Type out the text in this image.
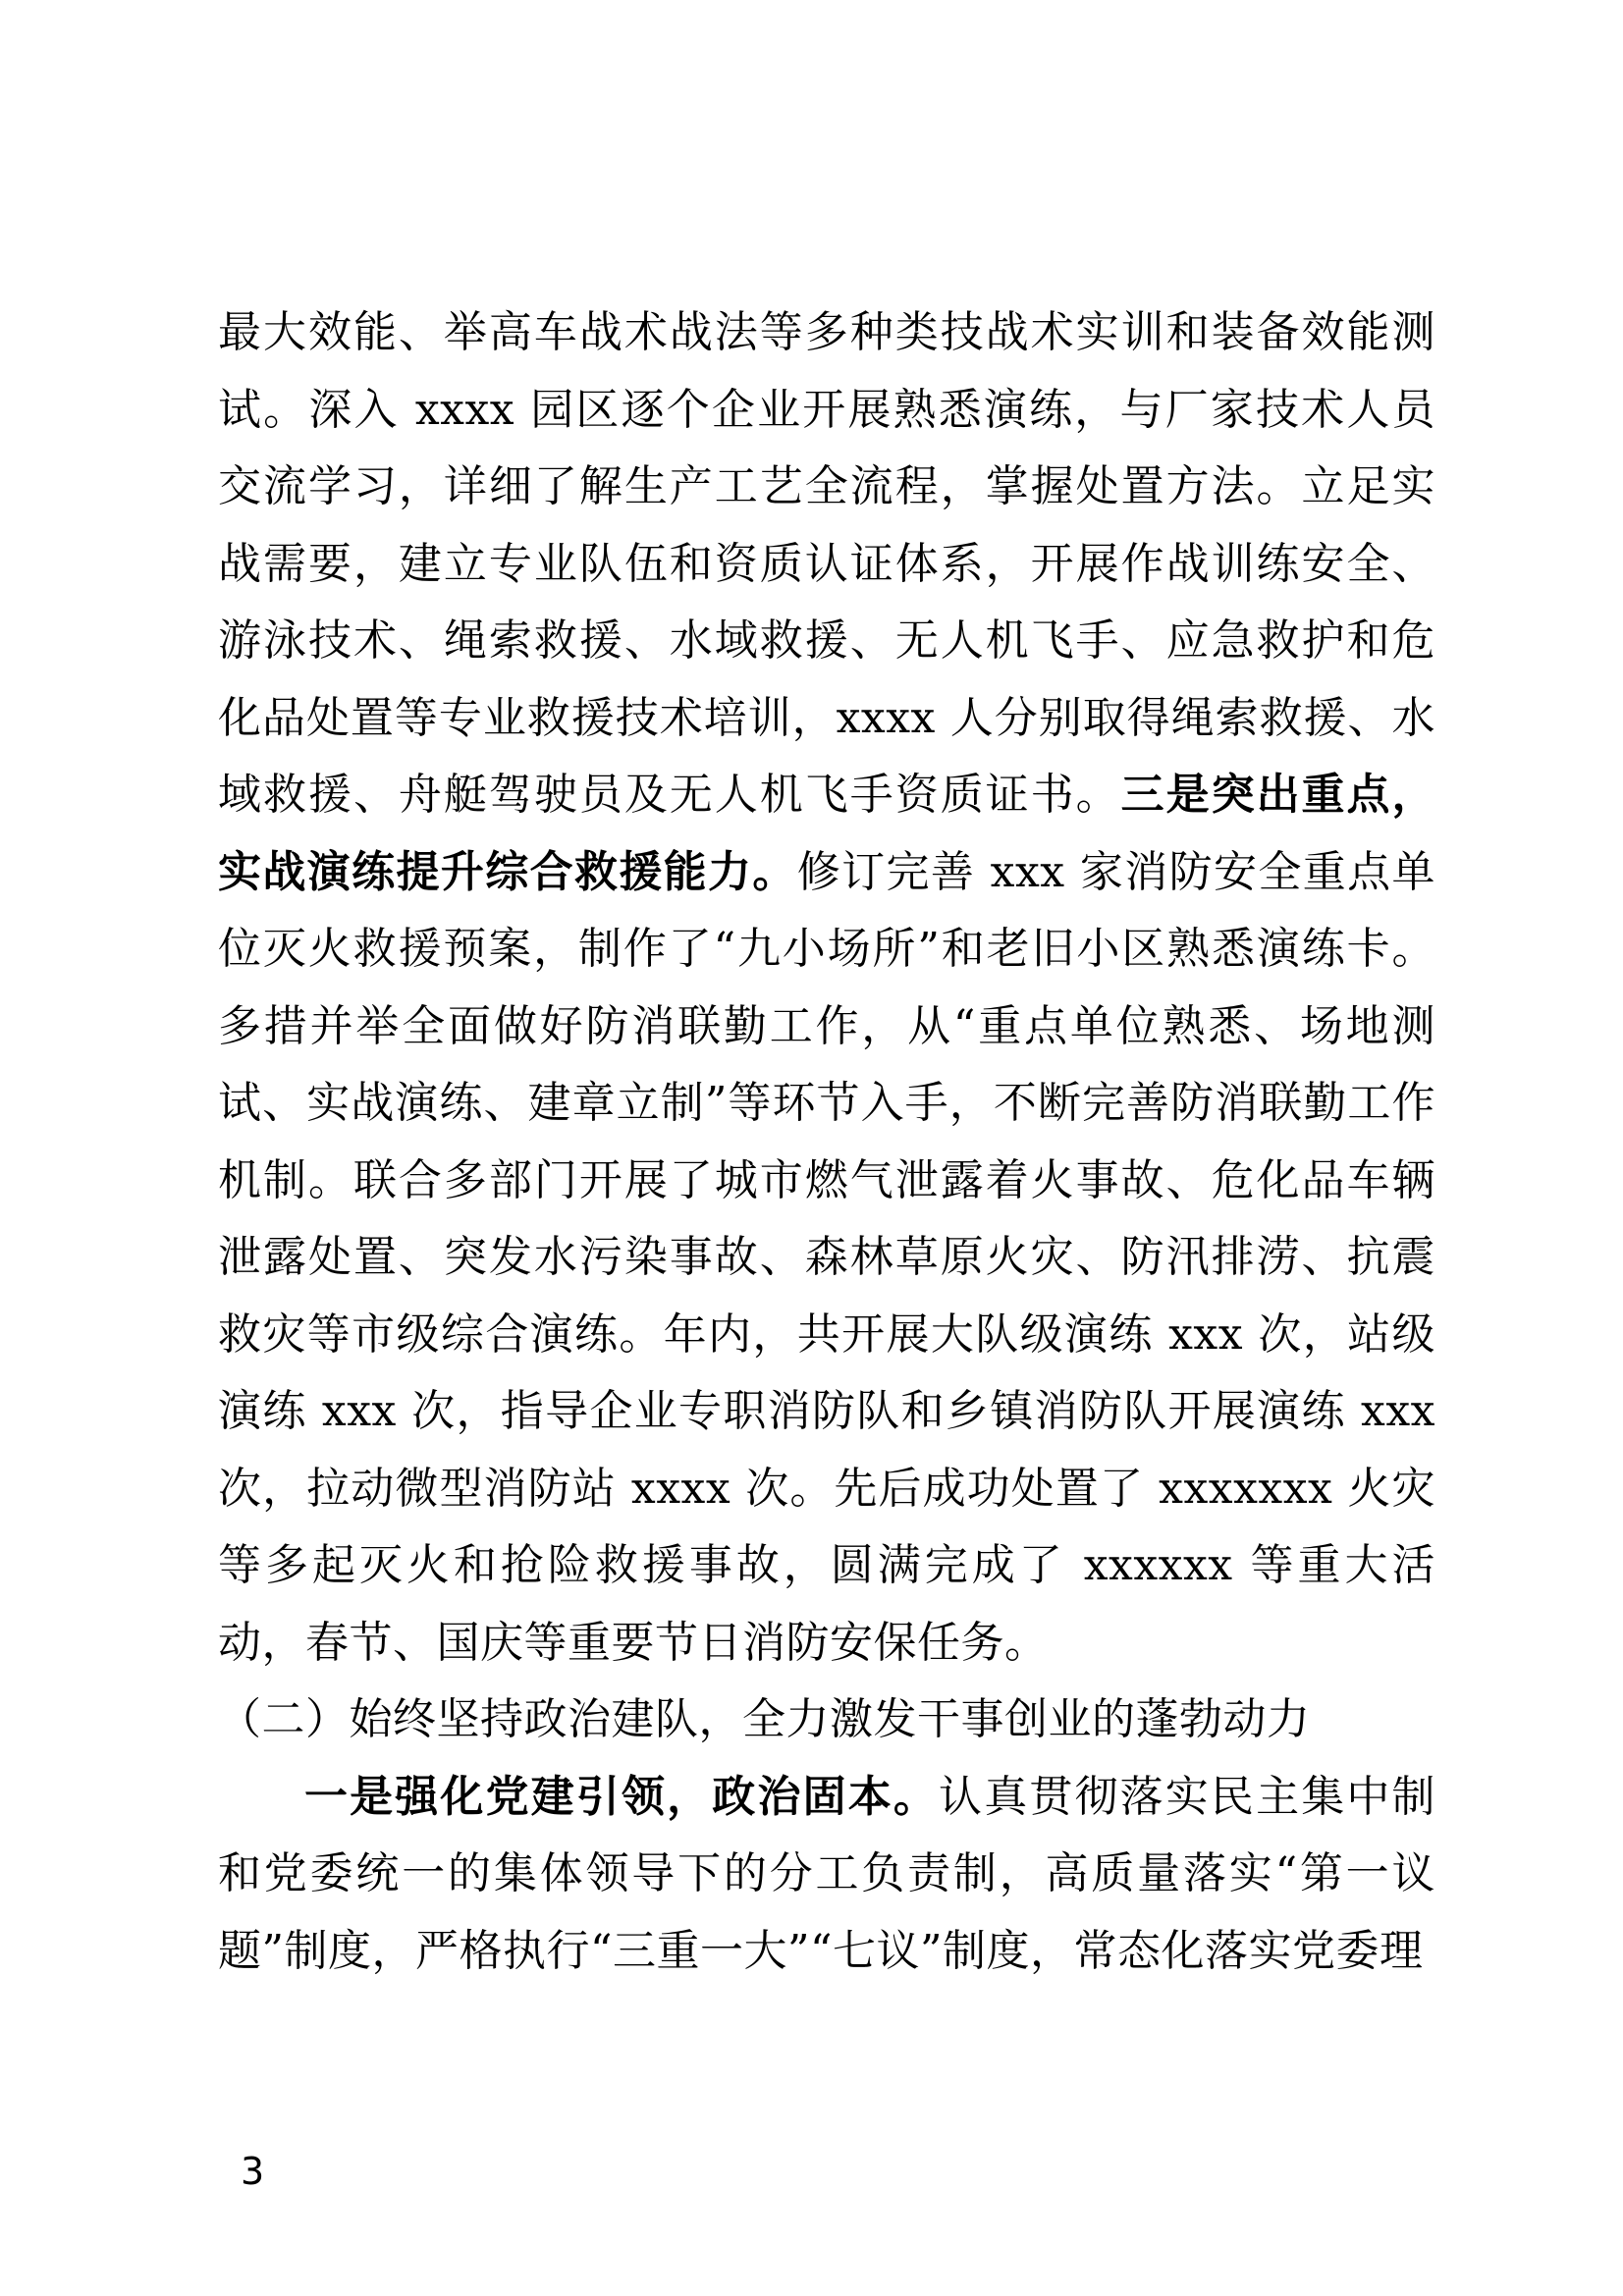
最大效能、举高车战术战法等多种类技战术实训和装备效能测试。深入 xxxx 园区逐个企业开展熟悉演练，与厂家技术人员交流学习，详细了解生产工艺全流程，掌握处置方法。立足实战需要，建立专业队伍和资质认证体系，开展作战训练安全、游泳技术、绳索救援、水域救援、无人机飞手、应急救护和危化品处置等专业救援技术培训，xxxx 人分别取得绳索救援、水域救援、舟艇驾驶员及无人机飞手资质证书。三是突出重点，实战演练提升综合救援能力。修订完善 xxx 家消防安全重点单位灭火救援预案，制作了“九小场所”和老旧小区熟悉演练卡。多措并举全面做好防消联勤工作，从“重点单位熟悉、场地测试、实战演练、建章立制”等环节入手，不断完善防消联勤工作机制。联合多部门开展了城市燃气泄露着火事故、危化品车辆泄露处置、突发水污染事故、森林草原火灾、防汛排涝、抗震救灾等市级综合演练。年内，共开展大队级演练 xxx 次，站级演练 xxx 次，指导企业专职消防队和乡镇消防队开展演练 xxx 次，拉动微型消防站 xxxx 次。先后成功处置了 xxxxxxx 火灾等多起灭火和抢险救援事故，圆满完成了 xxxxxx 等重大活动，春节、国庆等重要节日消防安保任务。

（二）始终坚持政治建队，全力激发干事创业的蓬勃动力

一是强化党建引领，政治固本。认真贯彻落实民主集中制和党委统一的集体领导下的分工负责制，高质量落实“第一议题”制度，严格执行“三重一大”“七议”制度，常态化落实党委理

3
